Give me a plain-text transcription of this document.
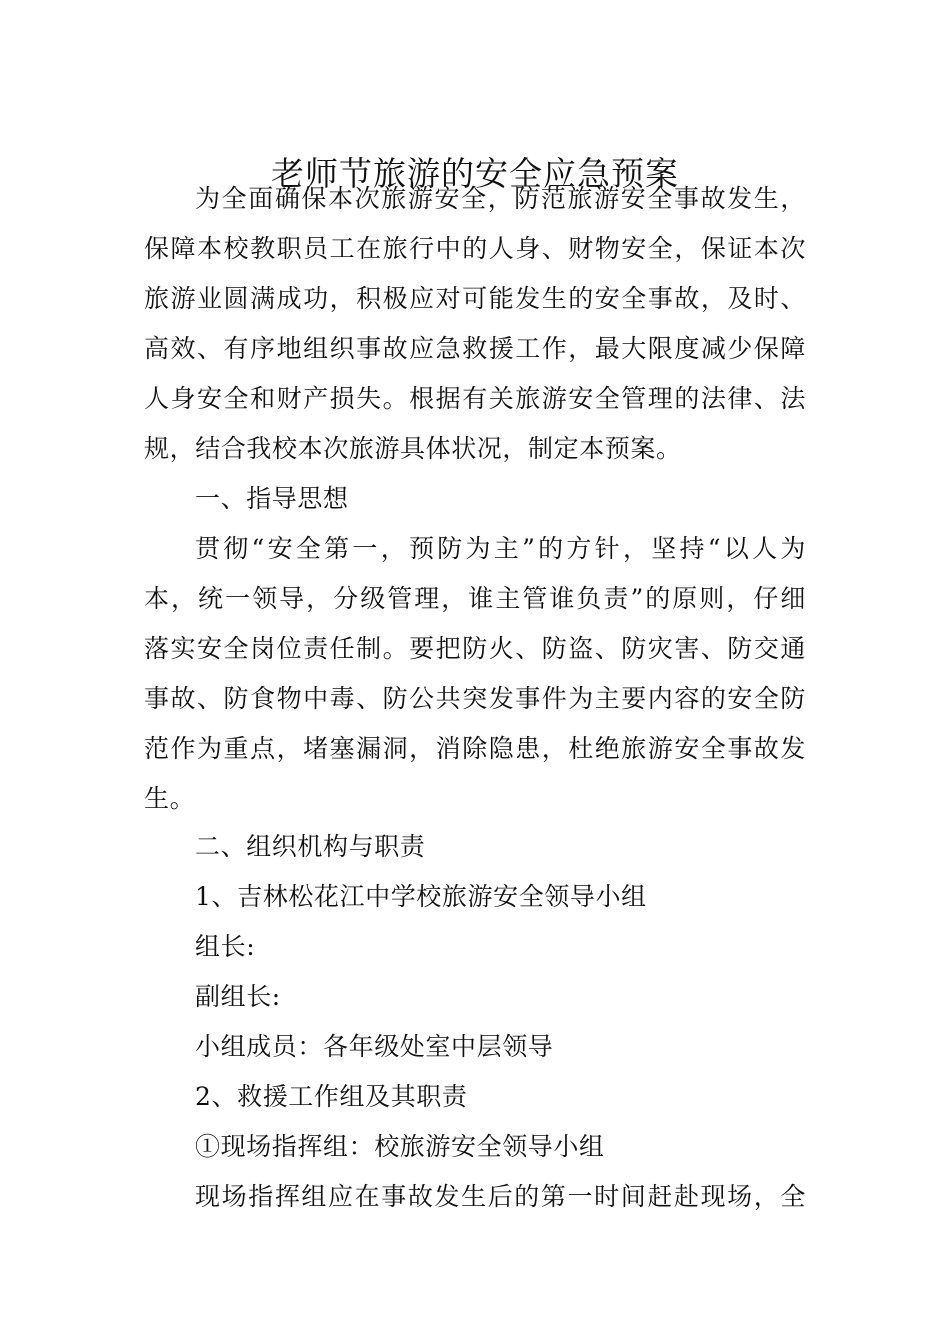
老师节旅游的安全应急预案
为全面确保本次旅游安全，防范旅游安全事故发生，
保障本校教职员工在旅行中的人身、财物安全，保证本次
旅游业圆满成功，积极应对可能发生的安全事故，及时、
高效、有序地组织事故应急救援工作，最大限度减少保障
人身安全和财产损失。根据有关旅游安全管理的法律、法
规，结合我校本次旅游具体状况，制定本预案。
一、指导思想
贯彻“安全第一，预防为主”的方针，坚持“以人为
本，统一领导，分级管理，谁主管谁负责”的原则，仔细
落实安全岗位责任制。要把防火、防盗、防灾害、防交通
事故、防食物中毒、防公共突发事件为主要内容的安全防
范作为重点，堵塞漏洞，消除隐患，杜绝旅游安全事故发
生。
二、组织机构与职责
1、吉林松花江中学校旅游安全领导小组
组长:
副组长:
小组成员：各年级处室中层领导
2、救援工作组及其职责
①现场指挥组：校旅游安全领导小组
现场指挥组应在事故发生后的第一时间赶赴现场，全
